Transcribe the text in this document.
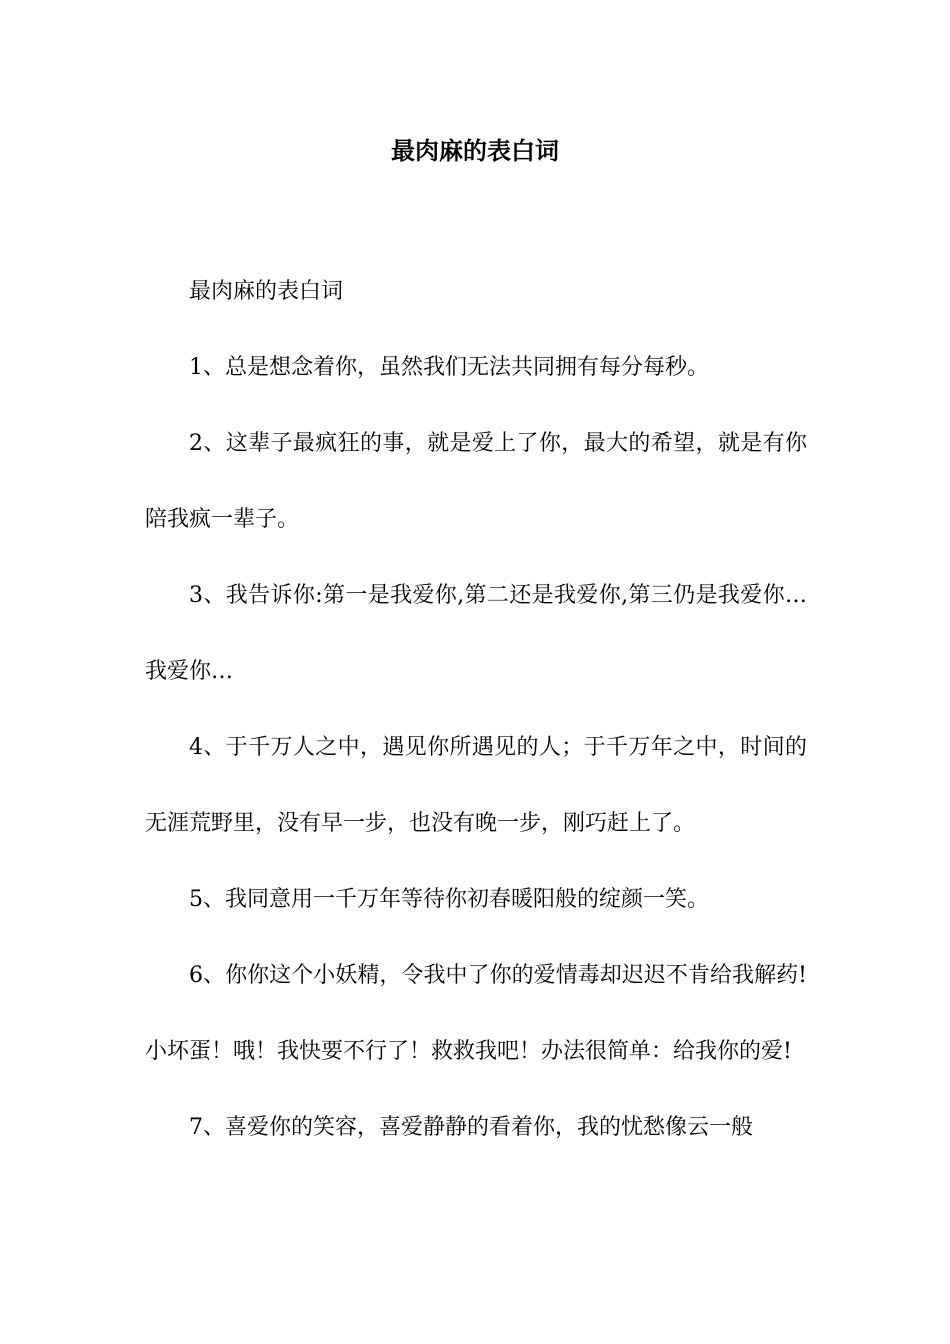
最肉麻的表白词

最肉麻的表白词

1、总是想念着你，虽然我们无法共同拥有每分每秒。

2、这辈子最疯狂的事，就是爱上了你，最大的希望，就是有你陪我疯一辈子。

3、我告诉你:第一是我爱你,第二还是我爱你,第三仍是我爱你…我爱你…

4、于千万人之中，遇见你所遇见的人；于千万年之中，时间的无涯荒野里，没有早一步，也没有晚一步，刚巧赶上了。

5、我同意用一千万年等待你初春暖阳般的绽颜一笑。

6、你你这个小妖精，令我中了你的爱情毒却迟迟不肯给我解药!小坏蛋！哦！我快要不行了！救救我吧！办法很简单：给我你的爱!

7、喜爱你的笑容，喜爱静静的看着你，我的忧愁像云一般
